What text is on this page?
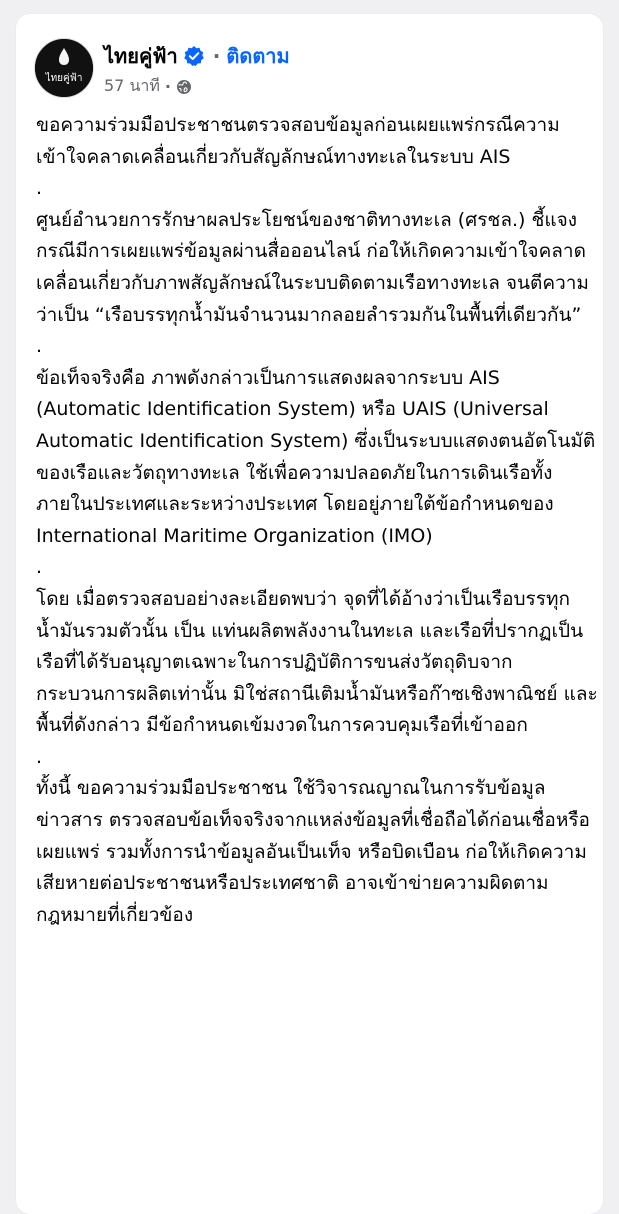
ไทยคู่ฟ้า
ไทยคู่ฟ้า · ติดตาม
57 นาที ·

ขอความร่วมมือประชาชนตรวจสอบข้อมูลก่อนเผยแพร่กรณีความเข้าใจคลาดเคลื่อนเกี่ยวกับสัญลักษณ์ทางทะเลในระบบ AIS

.

ศูนย์อำนวยการรักษาผลประโยชน์ของชาติทางทะเล (ศรชล.) ชี้แจงกรณีมีการเผยแพร่ข้อมูลผ่านสื่อออนไลน์ ก่อให้เกิดความเข้าใจคลาดเคลื่อนเกี่ยวกับภาพสัญลักษณ์ในระบบติดตามเรือทางทะเล จนตีความว่าเป็น “เรือบรรทุกน้ำมันจำนวนมากลอยลำรวมกันในพื้นที่เดียวกัน”

.

ข้อเท็จจริงคือ ภาพดังกล่าวเป็นการแสดงผลจากระบบ AIS (Automatic Identification System) หรือ UAIS (Universal Automatic Identification System) ซึ่งเป็นระบบแสดงตนอัตโนมัติของเรือและวัตถุทางทะเล ใช้เพื่อความปลอดภัยในการเดินเรือทั้งภายในประเทศและระหว่างประเทศ โดยอยู่ภายใต้ข้อกำหนดของ International Maritime Organization (IMO)

.

โดย เมื่อตรวจสอบอย่างละเอียดพบว่า จุดที่ได้อ้างว่าเป็นเรือบรรทุกน้ำมันรวมตัวนั้น เป็น แท่นผลิตพลังงานในทะเล และเรือที่ปรากฏเป็นเรือที่ได้รับอนุญาตเฉพาะในการปฏิบัติการขนส่งวัตถุดิบจากกระบวนการผลิตเท่านั้น มิใช่สถานีเติมน้ำมันหรือก๊าซเชิงพาณิชย์ และพื้นที่ดังกล่าว มีข้อกำหนดเข้มงวดในการควบคุมเรือที่เข้าออก

.

ทั้งนี้ ขอความร่วมมือประชาชน ใช้วิจารณญาณในการรับข้อมูลข่าวสาร ตรวจสอบข้อเท็จจริงจากแหล่งข้อมูลที่เชื่อถือได้ก่อนเชื่อหรือเผยแพร่ รวมทั้งการนำข้อมูลอันเป็นเท็จ หรือบิดเบือน ก่อให้เกิดความเสียหายต่อประชาชนหรือประเทศชาติ อาจเข้าข่ายความผิดตามกฎหมายที่เกี่ยวข้อง
